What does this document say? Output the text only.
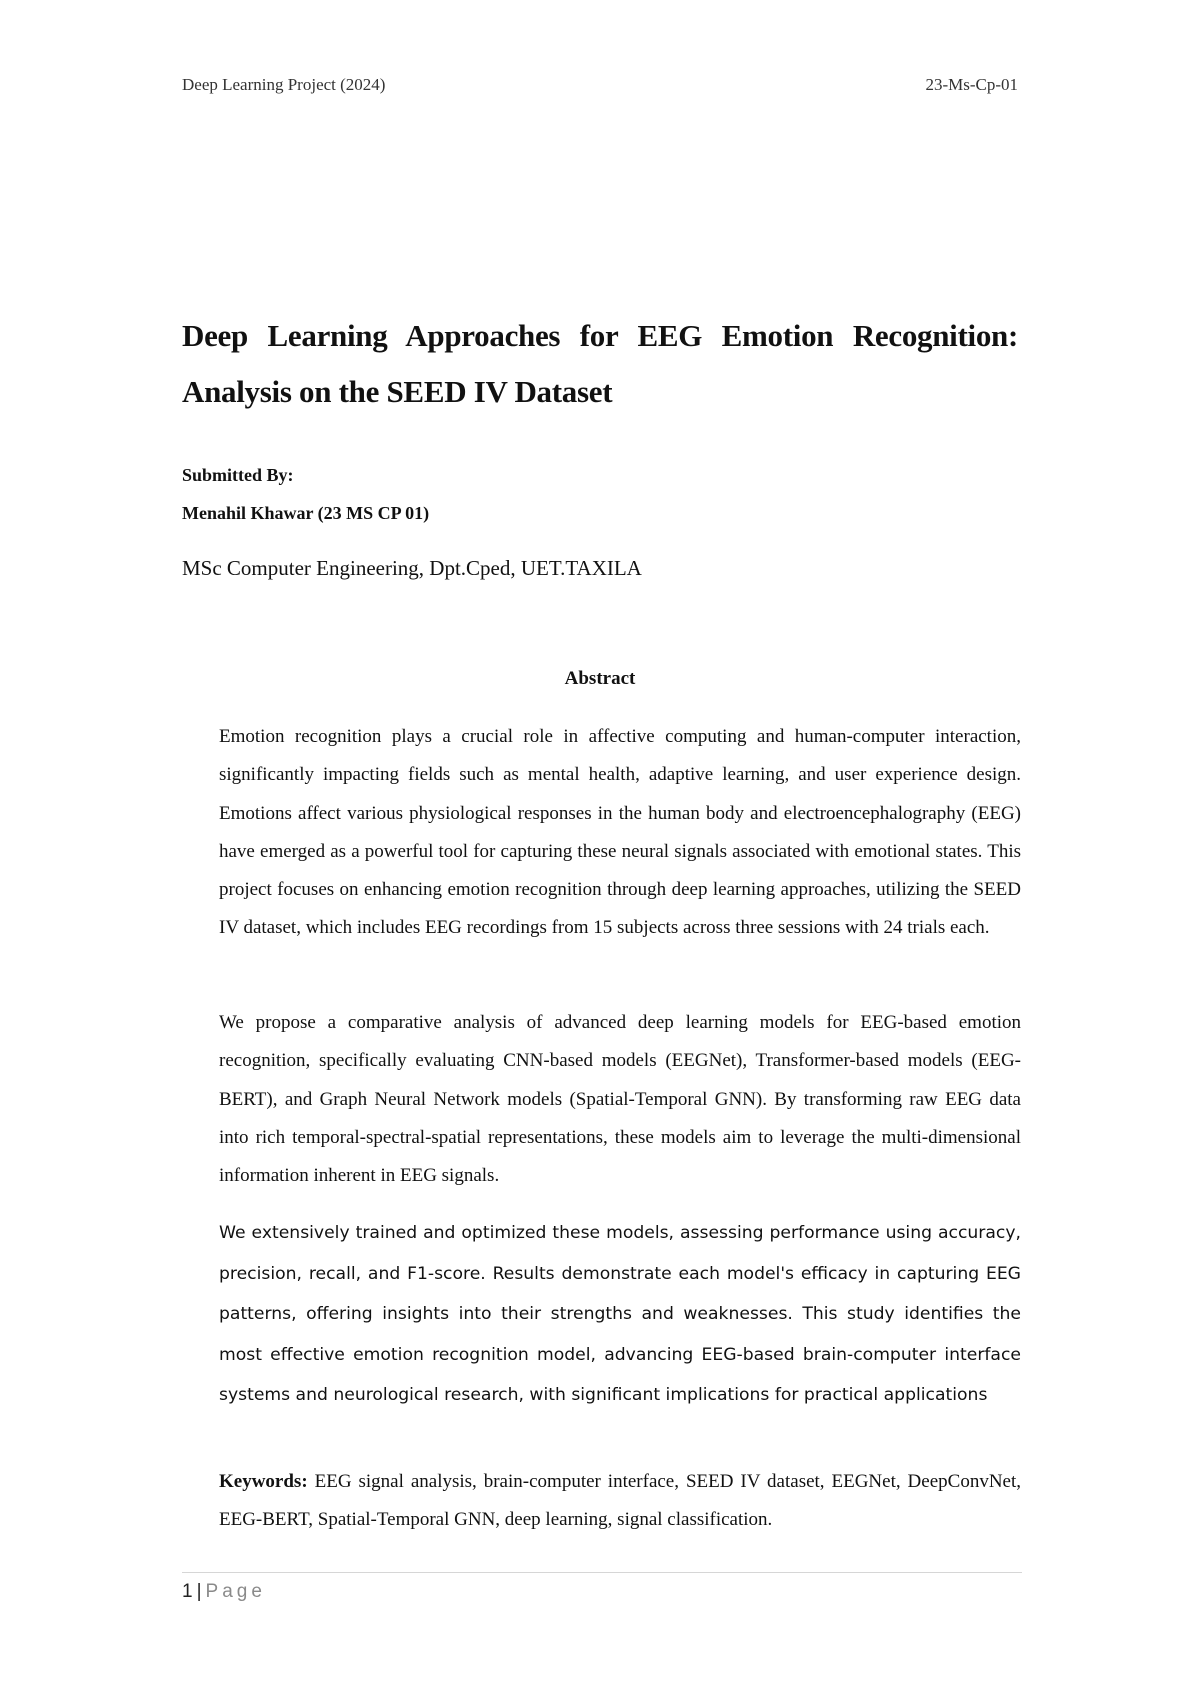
Deep Learning Project (2024)	23-Ms-Cp-01
Deep Learning Approaches for EEG Emotion Recognition: Analysis on the SEED IV Dataset
Submitted By:
Menahil Khawar (23 MS CP 01)
MSc Computer Engineering, Dpt.Cped, UET.TAXILA
Abstract

Emotion recognition plays a crucial role in affective computing and human-computer interaction, significantly impacting fields such as mental health, adaptive learning, and user experience design. Emotions affect various physiological responses in the human body and electroencephalography (EEG) have emerged as a powerful tool for capturing these neural signals associated with emotional states. This project focuses on enhancing emotion recognition through deep learning approaches, utilizing the SEED IV dataset, which includes EEG recordings from 15 subjects across three sessions with 24 trials each.

We propose a comparative analysis of advanced deep learning models for EEG-based emotion recognition, specifically evaluating CNN-based models (EEGNet), Transformer-based models (EEG-BERT), and Graph Neural Network models (Spatial-Temporal GNN). By transforming raw EEG data into rich temporal-spectral-spatial representations, these models aim to leverage the multi-dimensional information inherent in EEG signals.

We extensively trained and optimized these models, assessing performance using accuracy, precision, recall, and F1-score. Results demonstrate each model's efficacy in capturing EEG patterns, offering insights into their strengths and weaknesses. This study identifies the most effective emotion recognition model, advancing EEG-based brain-computer interface systems and neurological research, with significant implications for practical applications

Keywords: EEG signal analysis, brain-computer interface, SEED IV dataset, EEGNet, DeepConvNet, EEG-BERT, Spatial-Temporal GNN, deep learning, signal classification.

1 | Page
